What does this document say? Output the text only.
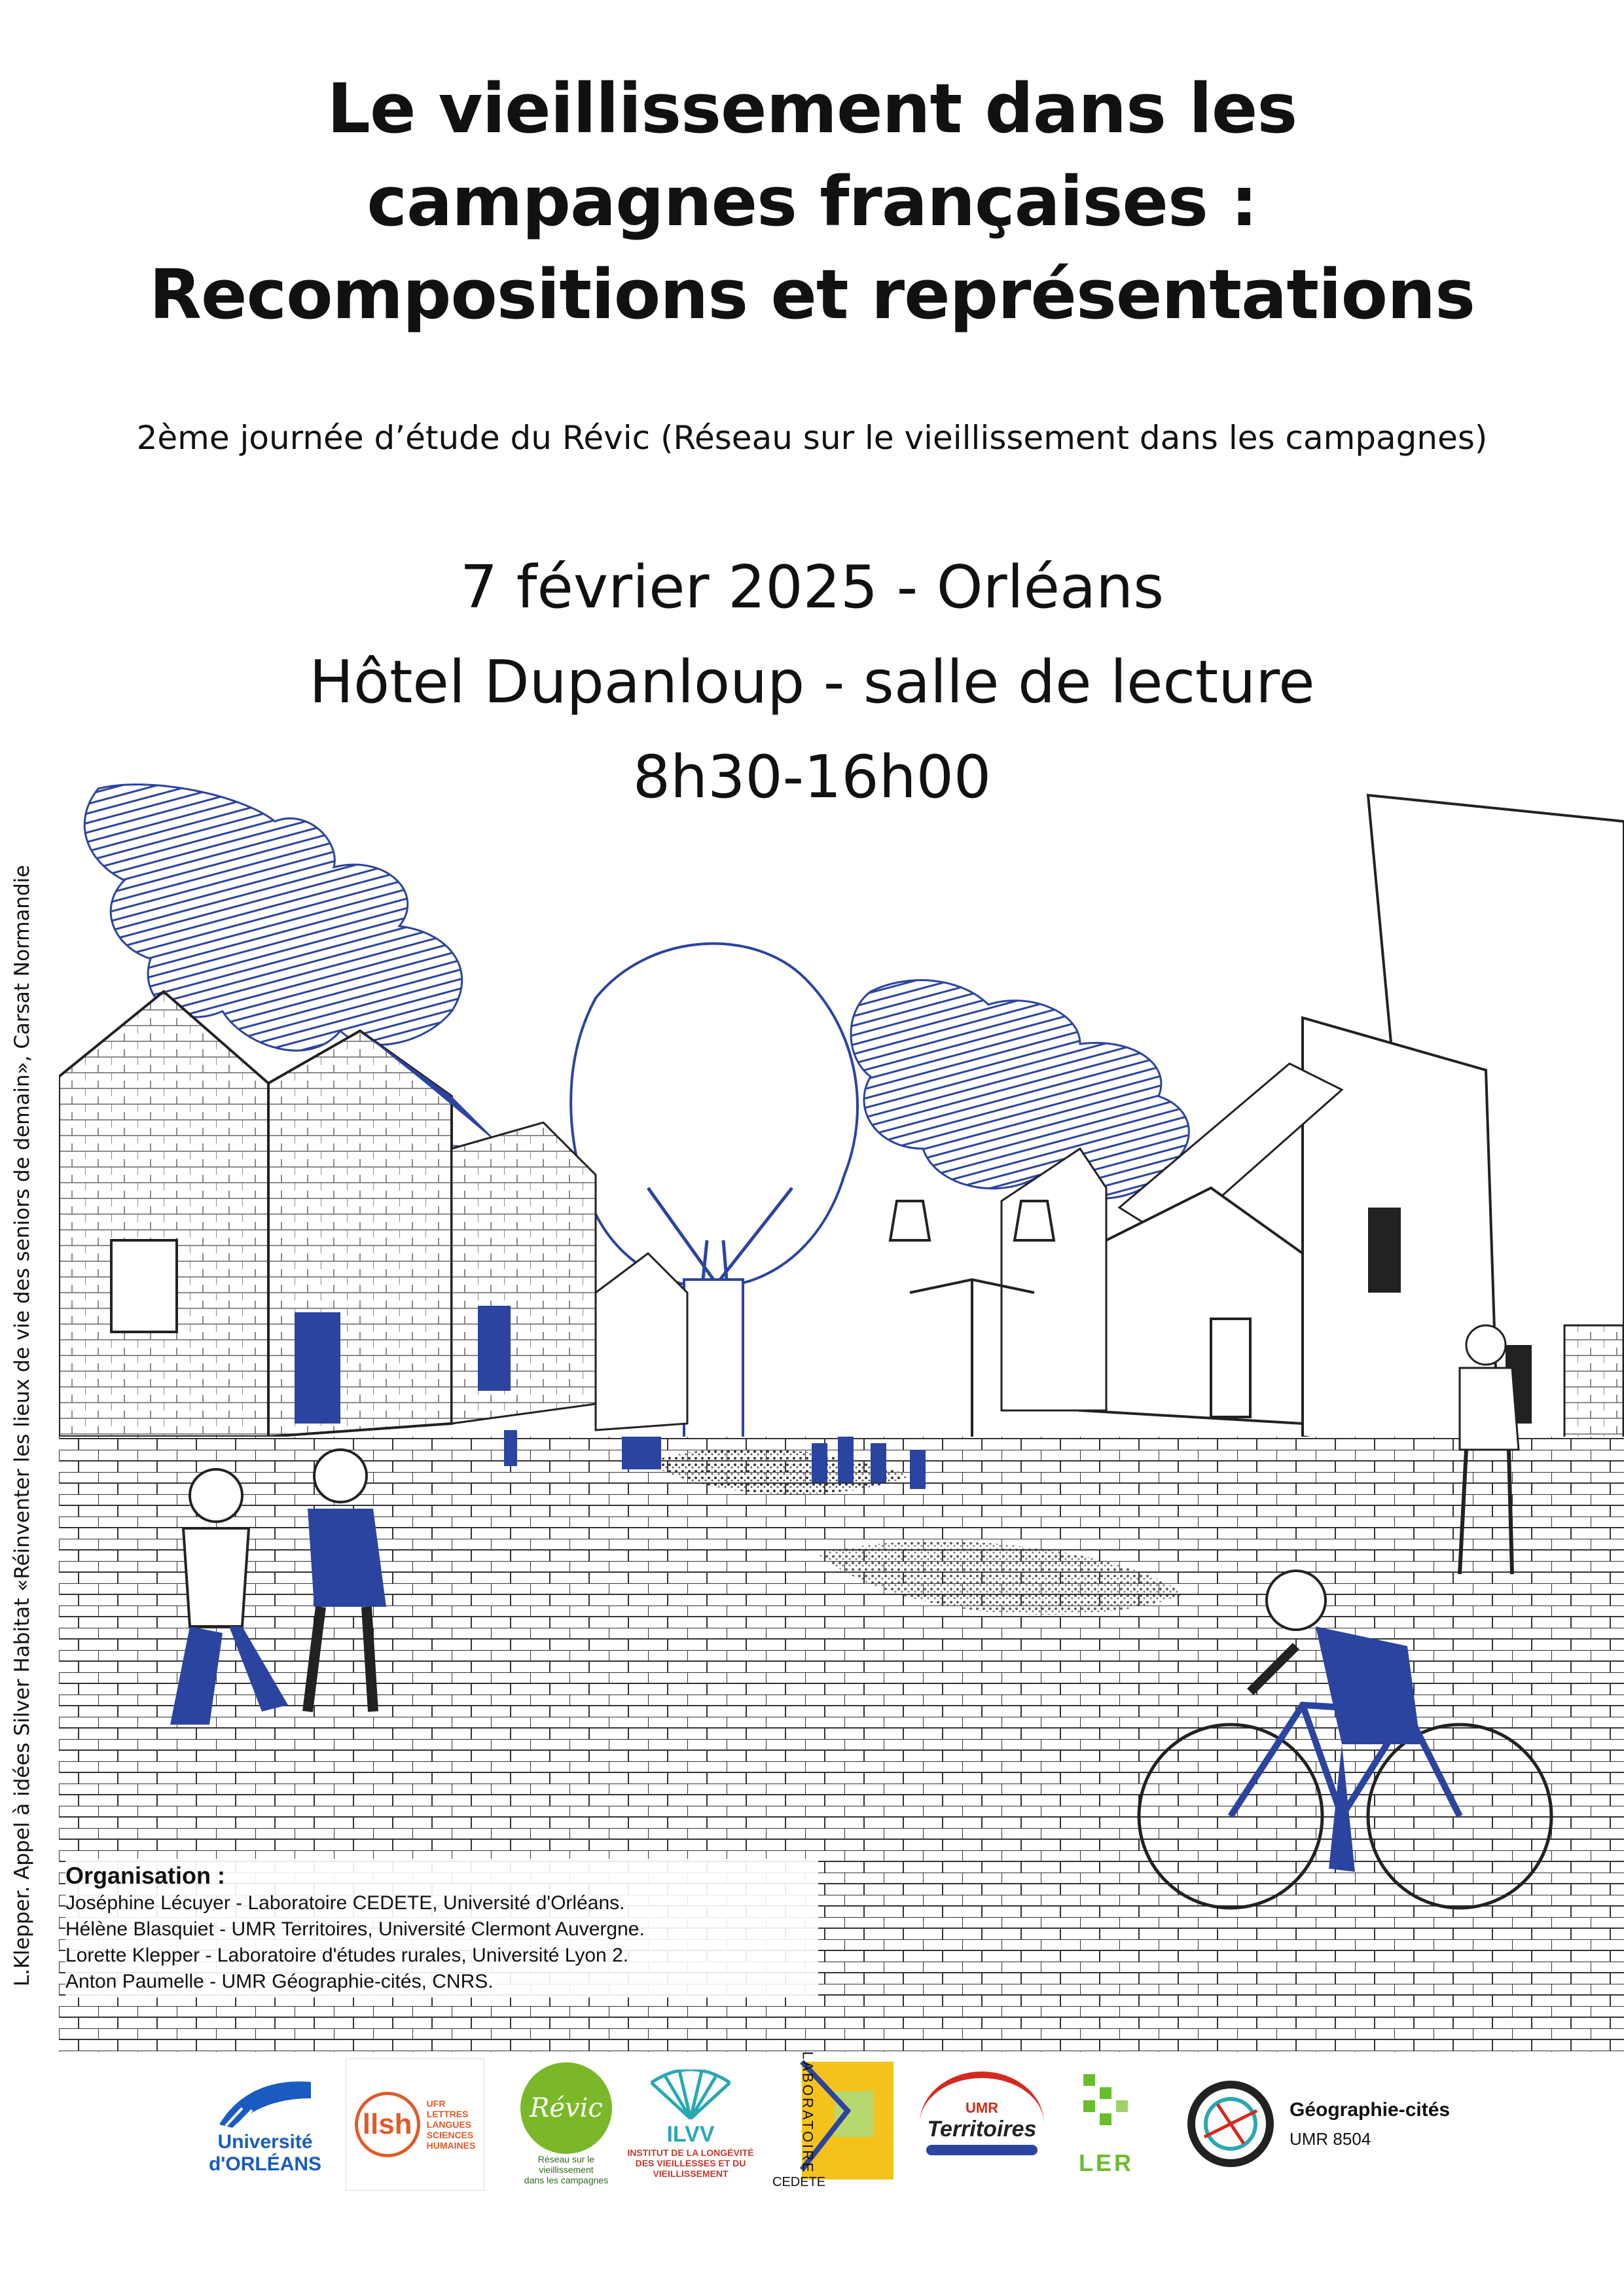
Le vieillissement dans les
campagnes françaises :
Recompositions et représentations
2ème journée d’étude du Révic (Réseau sur le vieillissement dans les campagnes)
7 février 2025 - Orléans
Hôtel Dupanloup - salle de lecture
8h30-16h00
L.Klepper. Appel à idées Silver Habitat «Réinventer les lieux de vie des seniors de demain», Carsat Normandie Organisation :
Joséphine Lécuyer - Laboratoire CEDETE, Université d'Orléans.
Hélène Blasquiet - UMR Territoires, Université Clermont Auvergne.
Lorette Klepper - Laboratoire d'études rurales, Université Lyon 2.
Anton Paumelle - UMR Géographie-cités, CNRS.
Université
d'ORLÉANS
llsh
UFR
LETTRES
LANGUES
SCIENCES
HUMAINES
Révic
Réseau sur le vieillissement
dans les campagnes
ILVV
INSTITUT DE LA LONGÉVITÉ
DES VIEILLESSES ET DU
VIEILLISSEMENT	LABORATOIRE
CEDETE
UMR
Territoires
LER
Géographie-cités
UMR 8504
